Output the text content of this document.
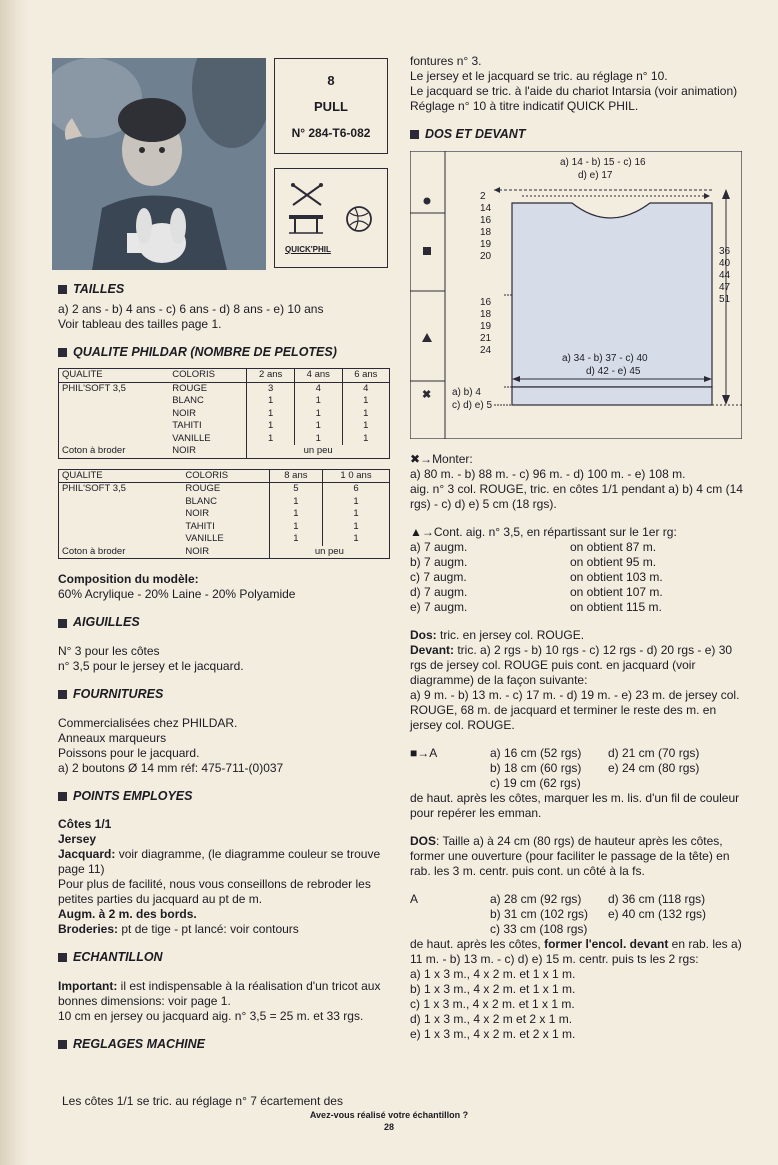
8
PULL
N° 284-T6-082
QUICK'PHIL
TAILLES

a) 2 ans - b) 4 ans - c) 6 ans - d) 8 ans - e) 10 ans

Voir tableau des tailles page 1.

QUALITE PHILDAR (NOMBRE DE PELOTES)
QUALITE	COLORIS	2 ans	4 ans	6 ans
PHIL'SOFT 3,5	ROUGE	3	4	4
	BLANC	1	1	1
	NOIR	1	1	1
	TAHITI	1	1	1
	VANILLE	1	1	1
Coton à broder	NOIR	un peu		
QUALITE	COLORIS	8 ans	1 0 ans
PHIL'SOFT 3,5	ROUGE	5	6
	BLANC	1	1
	NOIR	1	1
	TAHITI	1	1
	VANILLE	1	1
Coton à broder	NOIR	un peu	

Composition du modèle:

60% Acrylique - 20% Laine - 20% Polyamide

AIGUILLES

N° 3 pour les côtes

n° 3,5 pour le jersey et le jacquard.

FOURNITURES

Commercialisées chez PHILDAR.

Anneaux marqueurs

Poissons pour le jacquard.

a) 2 boutons Ø 14 mm réf: 475-711-(0)037

POINTS EMPLOYES

Côtes 1/1

Jersey

Jacquard: voir diagramme, (le diagramme couleur se trouve page 11)

Pour plus de facilité, nous vous conseillons de rebroder les petites parties du jacquard au pt de m.

Augm. à 2 m. des bords.

Broderies: pt de tige - pt lancé: voir contours

ECHANTILLON

Important: il est indispensable à la réalisation d'un tricot aux bonnes dimensions: voir page 1.

10 cm en jersey ou jacquard aig. n° 3,5 = 25 m. et 33 rgs.

REGLAGES MACHINE

Les côtes 1/1 se tric. au réglage n° 7 écartement des

fontures n° 3.

Le jersey et le jacquard se tric. au réglage n° 10.

Le jacquard se tric. à l'aide du chariot Intarsia (voir animation)

Réglage n° 10 à titre indicatif QUICK PHIL.

DOS ET DEVANT
✖
a) 14 - b) 15 - c) 16
d) e) 17
2
14
16
18
19
20
16
18
19
21
24
36
40
44
47
51
a) 34 - b) 37 - c) 40
d) 42 - e) 45
a) b) 4
c) d) e) 5

✖→Monter:

a) 80 m. - b) 88 m. - c) 96 m. - d) 100 m. - e) 108 m.

aig. n° 3 col. ROUGE, tric. en côtes 1/1 pendant a) b) 4 cm (14 rgs) - c) d) e) 5 cm (18 rgs).

▲→Cont. aig. n° 3,5, en répartissant sur le 1er rg:

a) 7 augm.	on obtient 87 m.
b) 7 augm.	on obtient 95 m.
c) 7 augm.	on obtient 103 m.
d) 7 augm.	on obtient 107 m.
e) 7 augm.	on obtient 115 m.

Dos: tric. en jersey col. ROUGE.

Devant: tric. a) 2 rgs - b) 10 rgs - c) 12 rgs - d) 20 rgs - e) 30 rgs de jersey col. ROUGE puis cont. en jacquard (voir diagramme) de la façon suivante:

a) 9 m. - b) 13 m. - c) 17 m. - d) 19 m. - e) 23 m. de jersey col. ROUGE, 68 m. de jacquard et terminer le reste des m. en jersey col. ROUGE.

■→A	a) 16 cm (52 rgs)	d) 21 cm (70 rgs)
b) 18 cm (60 rgs)	e) 24 cm (80 rgs)
c) 19 cm (62 rgs)

de haut. après les côtes, marquer les m. lis. d'un fil de couleur pour repérer les emman.

DOS: Taille a) à 24 cm (80 rgs) de hauteur après les côtes, former une ouverture (pour faciliter le passage de la tête) en rab. les 3 m. centr. puis cont. un côté à la fs.

A	a) 28 cm (92 rgs)	d) 36 cm (118 rgs)
b) 31 cm (102 rgs)	e) 40 cm (132 rgs)
c) 33 cm (108 rgs)

de haut. après les côtes, former l'encol. devant en rab. les a) 11 m. - b) 13 m. - c) d) e) 15 m. centr. puis ts les 2 rgs:

a) 1 x 3 m., 4 x 2 m. et 1 x 1 m.
b) 1 x 3 m., 4 x 2 m. et 1 x 1 m.
c) 1 x 3 m., 4 x 2 m. et 1 x 1 m.
d) 1 x 3 m., 4 x 2 m et 2 x 1 m.
e) 1 x 3 m., 4 x 2 m. et 2 x 1 m.
Avez-vous réalisé votre échantillon ?
28
